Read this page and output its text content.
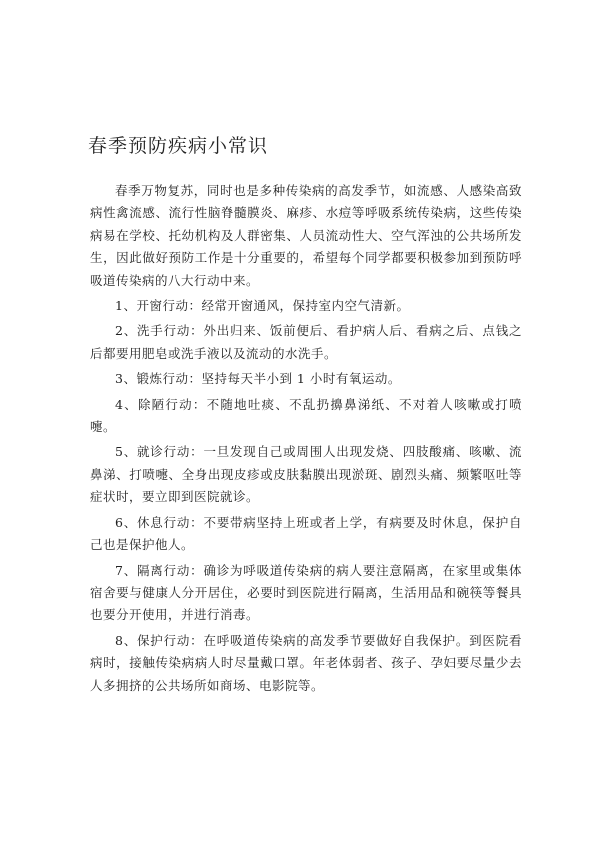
春季预防疾病小常识

春季万物复苏，同时也是多种传染病的高发季节，如流感、人感染高致病性禽流感、流行性脑脊髓膜炎、麻疹、水痘等呼吸系统传染病，这些传染病易在学校、托幼机构及人群密集、人员流动性大、空气浑浊的公共场所发生，因此做好预防工作是十分重要的，希望每个同学都要积极参加到预防呼吸道传染病的八大行动中来。

1、开窗行动：经常开窗通风，保持室内空气清新。

2、洗手行动：外出归来、饭前便后、看护病人后、看病之后、点钱之后都要用肥皂或洗手液以及流动的水洗手。

3、锻炼行动：坚持每天半小到 1 小时有氧运动。

4、除陋行动：不随地吐痰、不乱扔擤鼻涕纸、不对着人咳嗽或打喷嚏。

5、就诊行动：一旦发现自己或周围人出现发烧、四肢酸痛、咳嗽、流鼻涕、打喷嚏、全身出现皮疹或皮肤黏膜出现淤斑、剧烈头痛、频繁呕吐等症状时，要立即到医院就诊。

6、休息行动：不要带病坚持上班或者上学，有病要及时休息，保护自己也是保护他人。

7、隔离行动：确诊为呼吸道传染病的病人要注意隔离，在家里或集体宿舍要与健康人分开居住，必要时到医院进行隔离，生活用品和碗筷等餐具也要分开使用，并进行消毒。

8、保护行动：在呼吸道传染病的高发季节要做好自我保护。到医院看病时，接触传染病病人时尽量戴口罩。年老体弱者、孩子、孕妇要尽量少去人多拥挤的公共场所如商场、电影院等。
